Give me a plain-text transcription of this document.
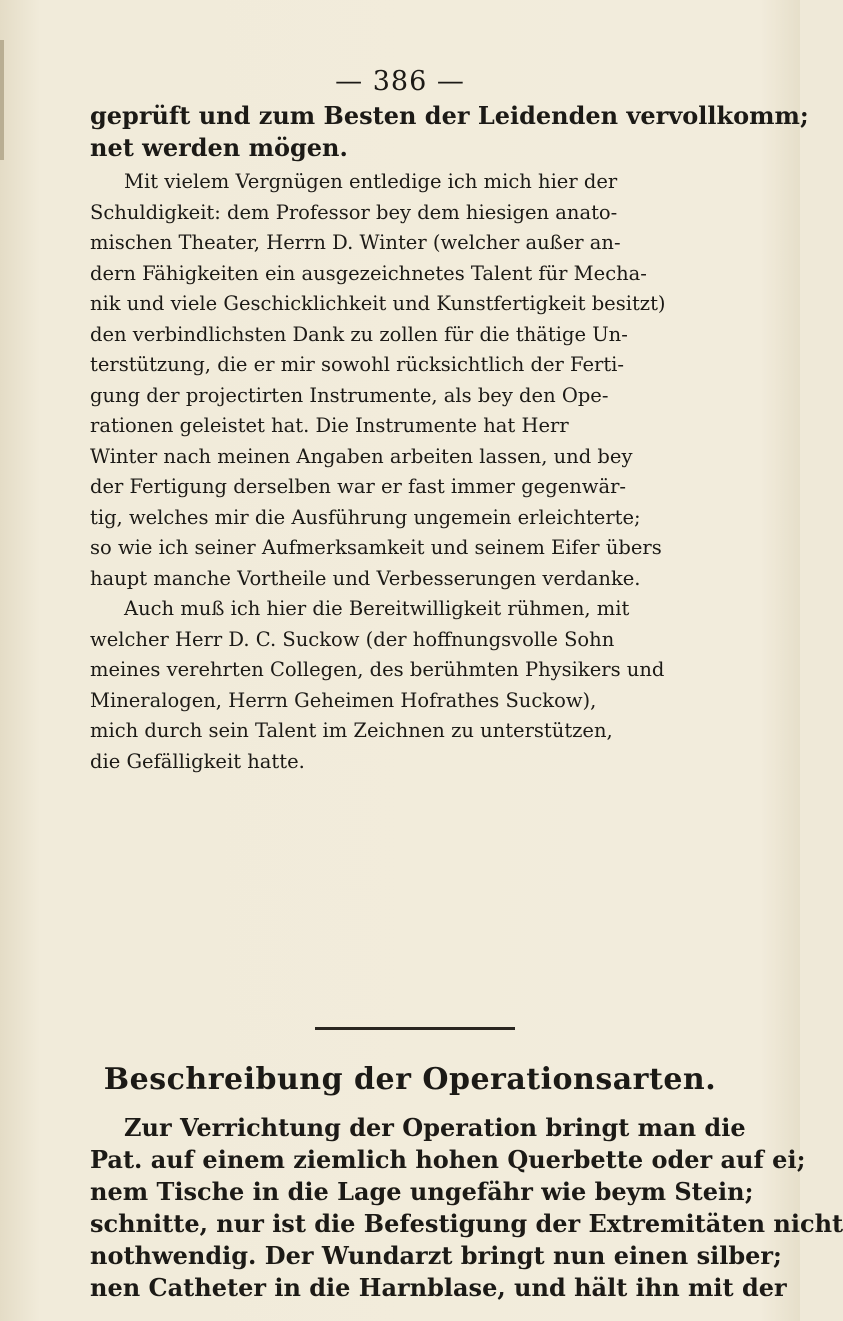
— 386 —
geprüft und zum Besten der Leidenden vervollkomm;
net werden mögen.
Mit vielem Vergnügen entledige ich mich hier der
Schuldigkeit: dem Professor bey dem hiesigen anato-
mischen Theater, Herrn D. Winter (welcher außer an-
dern Fähigkeiten ein ausgezeichnetes Talent für Mecha-
nik und viele Geschicklichkeit und Kunstfertigkeit besitzt)
den verbindlichsten Dank zu zollen für die thätige Un-
terstützung, die er mir sowohl rücksichtlich der Ferti-
gung der projectirten Instrumente, als bey den Ope-
rationen geleistet hat. Die Instrumente hat Herr
Winter nach meinen Angaben arbeiten lassen, und bey
der Fertigung derselben war er fast immer gegenwär-
tig, welches mir die Ausführung ungemein erleichterte;
so wie ich seiner Aufmerksamkeit und seinem Eifer übers
haupt manche Vortheile und Verbesserungen verdanke.
Auch muß ich hier die Bereitwilligkeit rühmen, mit
welcher Herr D. C. Suckow (der hoffnungsvolle Sohn
meines verehrten Collegen, des berühmten Physikers und
Mineralogen, Herrn Geheimen Hofrathes Suckow),
mich durch sein Talent im Zeichnen zu unterstützen,
die Gefälligkeit hatte.
Beschreibung der Operationsarten.
Zur Verrichtung der Operation bringt man die
Pat. auf einem ziemlich hohen Querbette oder auf ei;
nem Tische in die Lage ungefähr wie beym Stein;
schnitte, nur ist die Befestigung der Extremitäten nicht
nothwendig. Der Wundarzt bringt nun einen silber;
nen Catheter in die Harnblase, und hält ihn mit der
